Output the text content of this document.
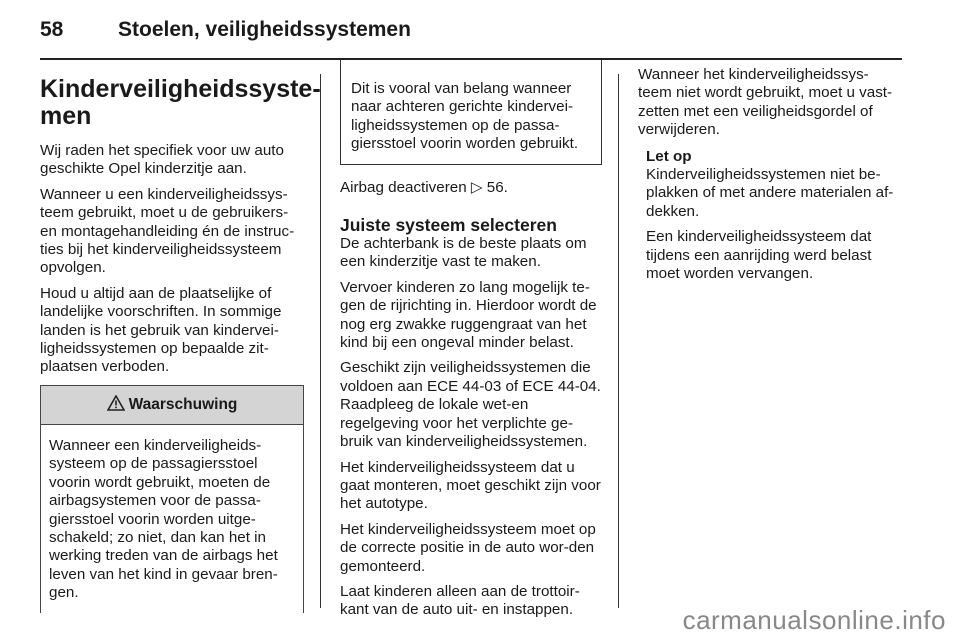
58	Stoelen, veiligheidssystemen
Kinderveiligheidssyste-
men

Wij raden het specifiek voor uw auto geschikte Opel kinderzitje aan.

Wanneer u een kinderveiligheidssys-teem gebruikt, moet u de gebruikers-en montagehandleiding én de instruc-ties bij het kinderveiligheidssysteem opvolgen.

Houd u altijd aan de plaatselijke of landelijke voorschriften. In sommige landen is het gebruik van kindervei-ligheidssystemen op bepaalde zit-plaatsen verboden.

Waarschuwing
Wanneer een kinderveiligheids-systeem op de passagiersstoel voorin wordt gebruikt, moeten de airbagsystemen voor de passa-giersstoel voorin worden uitge-schakeld; zo niet, dan kan het in werking treden van de airbags het leven van het kind in gevaar bren-gen.
Dit is vooral van belang wanneer naar achteren gerichte kindervei-ligheidssystemen op de passa-giersstoel voorin worden gebruikt.

Airbag deactiveren ▷ 56.

Juiste systeem selecteren

De achterbank is de beste plaats om een kinderzitje vast te maken.

Vervoer kinderen zo lang mogelijk te-gen de rijrichting in. Hierdoor wordt de nog erg zwakke ruggengraat van het kind bij een ongeval minder belast.

Geschikt zijn veiligheidssystemen die voldoen aan ECE 44-03 of ECE 44-04. Raadpleeg de lokale wet-en regelgeving voor het verplichte ge-bruik van kinderveiligheidssystemen.

Het kinderveiligheidssysteem dat u gaat monteren, moet geschikt zijn voor het autotype.

Het kinderveiligheidssysteem moet op de correcte positie in de auto wor-den gemonteerd.

Laat kinderen alleen aan de trottoir-kant van de auto uit- en instappen.

Wanneer het kinderveiligheidssys-teem niet wordt gebruikt, moet u vast-zetten met een veiligheidsgordel of verwijderen.

Let op

Kinderveiligheidssystemen niet be-plakken of met andere materialen af-dekken.

Een kinderveiligheidssysteem dat tijdens een aanrijding werd belast moet worden vervangen.

carmanualsonline.info
